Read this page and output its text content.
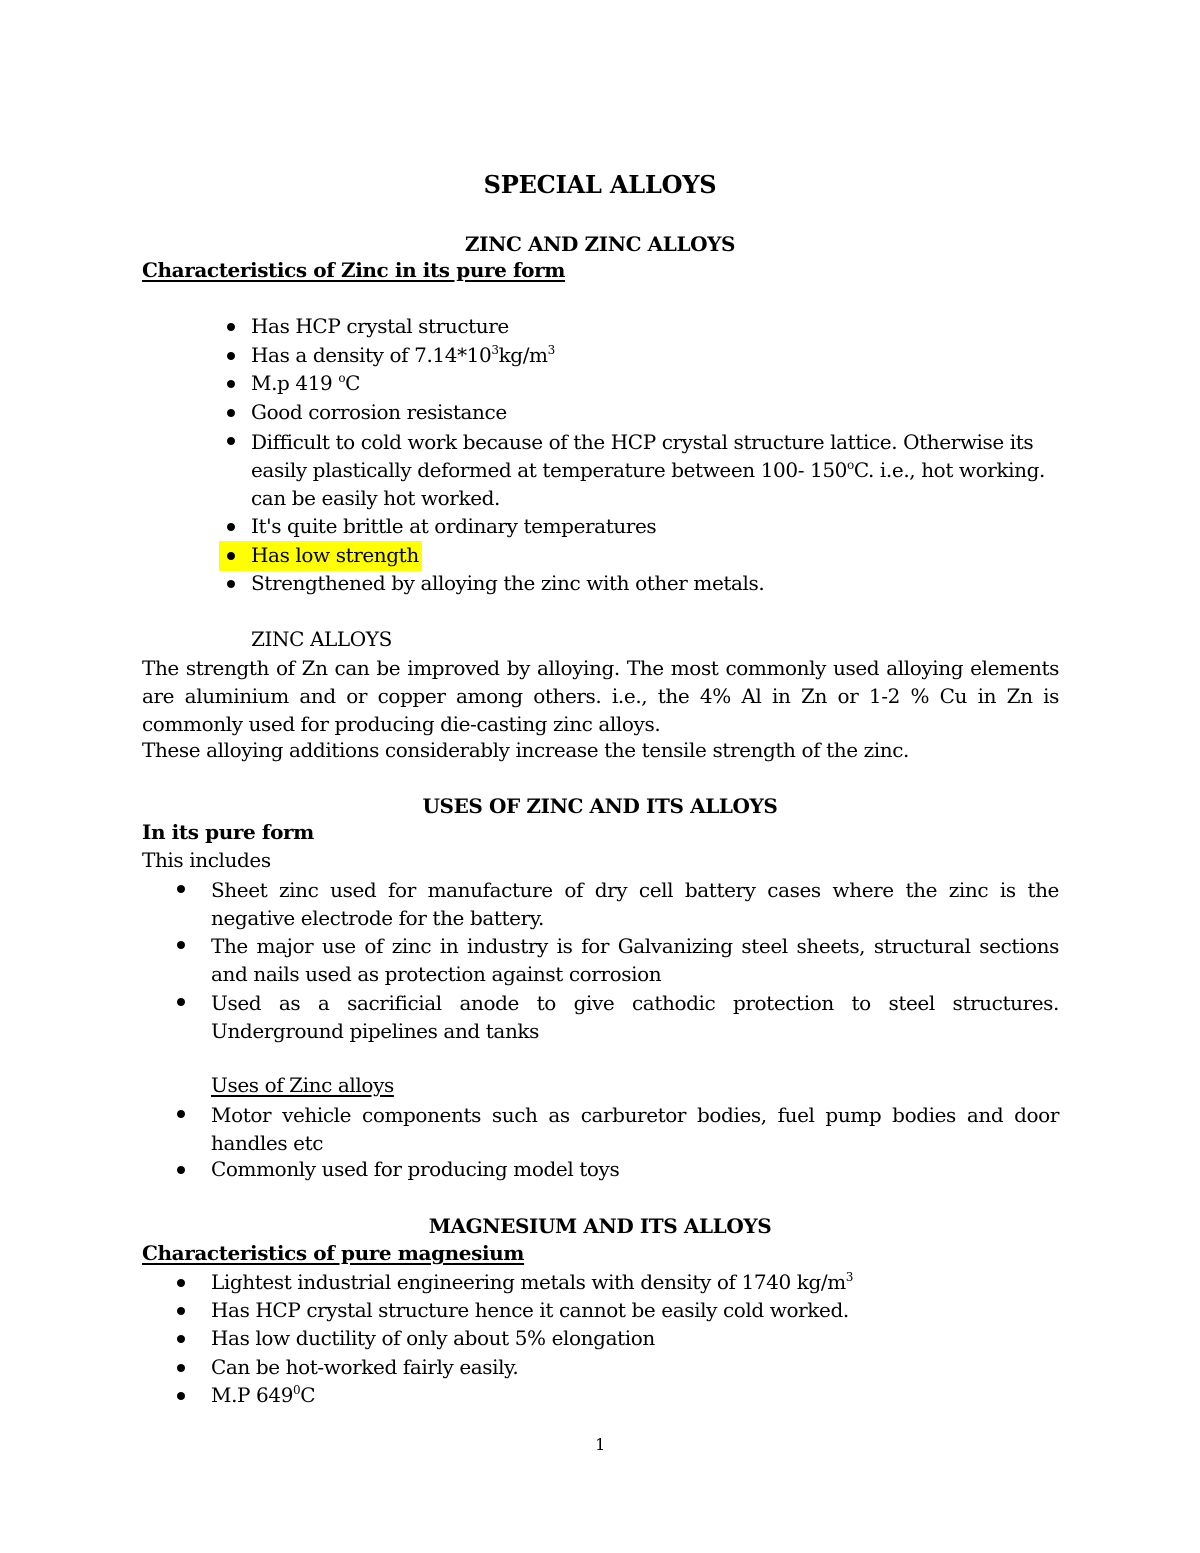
SPECIAL ALLOYS
ZINC AND ZINC ALLOYS
Characteristics of Zinc in its pure form
Has HCP crystal structure
Has a density of $7.14*10^3kg/m^3$
M.p 419 $^o$C
Good corrosion resistance
Difficult to cold work because of the HCP crystal structure lattice. Otherwise its
easily plastically deformed at temperature between 100- 150$^o$C. i.e., hot working.
can be easily hot worked.
It's quite brittle at ordinary temperatures
Has low strength
Strengthened by alloying the zinc with other metals.
ZINC ALLOYS
The strength of Zn can be improved by alloying. The most commonly used alloying elements are aluminium and or copper among others. i.e., the 4% Al in Zn or 1-2 % Cu in Zn is commonly used for producing die-casting zinc alloys.
These alloying additions considerably increase the tensile strength of the zinc.
USES OF ZINC AND ITS ALLOYS
In its pure form
This includes
Sheet zinc used for manufacture of dry cell battery cases where the zinc is the negative electrode for the battery.
The major use of zinc in industry is for Galvanizing steel sheets, structural sections and nails used as protection against corrosion
Used as a sacrificial anode to give cathodic protection to steel structures. Underground pipelines and tanks
Uses of Zinc alloys
Motor vehicle components such as carburetor bodies, fuel pump bodies and door handles etc
Commonly used for producing model toys
MAGNESIUM AND ITS ALLOYS
Characteristics of pure magnesium
Lightest industrial engineering metals with density of 1740 $kg/m^3$
Has HCP crystal structure hence it cannot be easily cold worked.
Has low ductility of only about 5% elongation
Can be hot-worked fairly easily.
M.P $649^0C$
1
